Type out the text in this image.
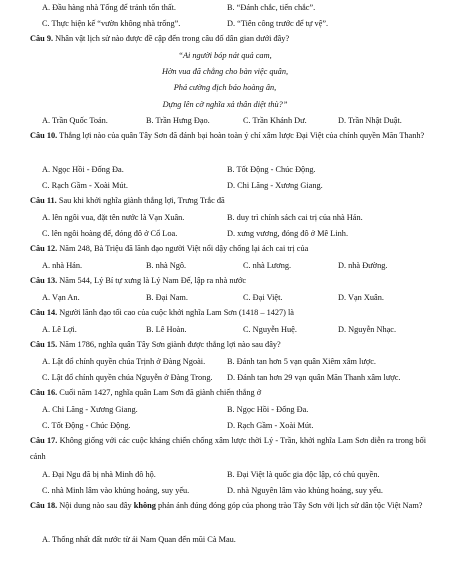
A. Đầu hàng nhà Tống để tránh tổn thất.	B. “Đánh chắc, tiến chắc”.
C. Thực hiện kế “vườn không nhà trống”.	D. “Tiên công trước để tự vệ”.
Câu 9. Nhân vật lịch sử nào được đề cập đến trong câu đố dân gian dưới đây?
“Ai người bóp nát quả cam,
Hờn vua đã chẳng cho bàn việc quân,
Phá cường địch báo hoàng ân,
Dựng lên cờ nghĩa xả thân diệt thù?”
A. Trần Quốc Toản.	B. Trần Hưng Đạo.	C. Trần Khánh Dư.	D. Trần Nhật Duật.
Câu 10. Thắng lợi nào của quân Tây Sơn đã đánh bại hoàn toàn ý chí xâm lược Đại Việt của chính quyền Mãn Thanh?
A. Ngọc Hồi - Đống Đa.	B. Tốt Động - Chúc Động.
C. Rạch Gầm - Xoài Mút.	D. Chi Lăng - Xương Giang.
Câu 11. Sau khi khởi nghĩa giành thắng lợi, Trưng Trắc đã
A. lên ngôi vua, đặt tên nước là Vạn Xuân.	B. duy trì chính sách cai trị của nhà Hán.
C. lên ngôi hoàng đế, đóng đô ở Cổ Loa.	D. xưng vương, đóng đô ở Mê Linh.
Câu 12. Năm 248, Bà Triệu đã lãnh đạo người Việt nổi dậy chống lại ách cai trị của
A. nhà Hán.	B. nhà Ngô.	C. nhà Lương.	D. nhà Đường.
Câu 13. Năm 544, Lý Bí tự xưng là Lý Nam Đế, lập ra nhà nước
A. Vạn An.	B. Đại Nam.	C. Đại Việt.	D. Vạn Xuân.
Câu 14. Người lãnh đạo tối cao của cuộc khởi nghĩa Lam Sơn (1418 – 1427) là
A. Lê Lợi.	B. Lê Hoàn.	C. Nguyễn Huệ.	D. Nguyễn Nhạc.
Câu 15. Năm 1786, nghĩa quân Tây Sơn giành được thắng lợi nào sau đây?
A. Lật đổ chính quyền chúa Trịnh ở Đàng Ngoài.	B. Đánh tan hơn 5 vạn quân Xiêm xâm lược.
C. Lật đổ chính quyền chúa Nguyễn ở Đàng Trong. D. Đánh tan hơn 29 vạn quân Mãn Thanh xâm lược.
Câu 16. Cuối năm 1427, nghĩa quân Lam Sơn đã giành chiến thắng ở
A. Chi Lăng - Xương Giang.	B. Ngọc Hồi - Đống Đa.
C. Tốt Động - Chúc Động.	D. Rạch Gầm - Xoài Mút.
Câu 17. Không giống với các cuộc kháng chiến chống xâm lược thời Lý - Trần, khởi nghĩa Lam Sơn diễn ra trong bối cảnh
A. Đại Ngu đã bị nhà Minh đô hộ.	B. Đại Việt là quốc gia độc lập, có chủ quyền.
C. nhà Minh lâm vào khủng hoảng, suy yếu.	D. nhà Nguyên lâm vào khủng hoảng, suy yếu.
Câu 18. Nội dung nào sau đây không phản ánh đúng đóng góp của phong trào Tây Sơn với lịch sử dân tộc Việt Nam?
A. Thống nhất đất nước từ ải Nam Quan đến mũi Cà Mau.
